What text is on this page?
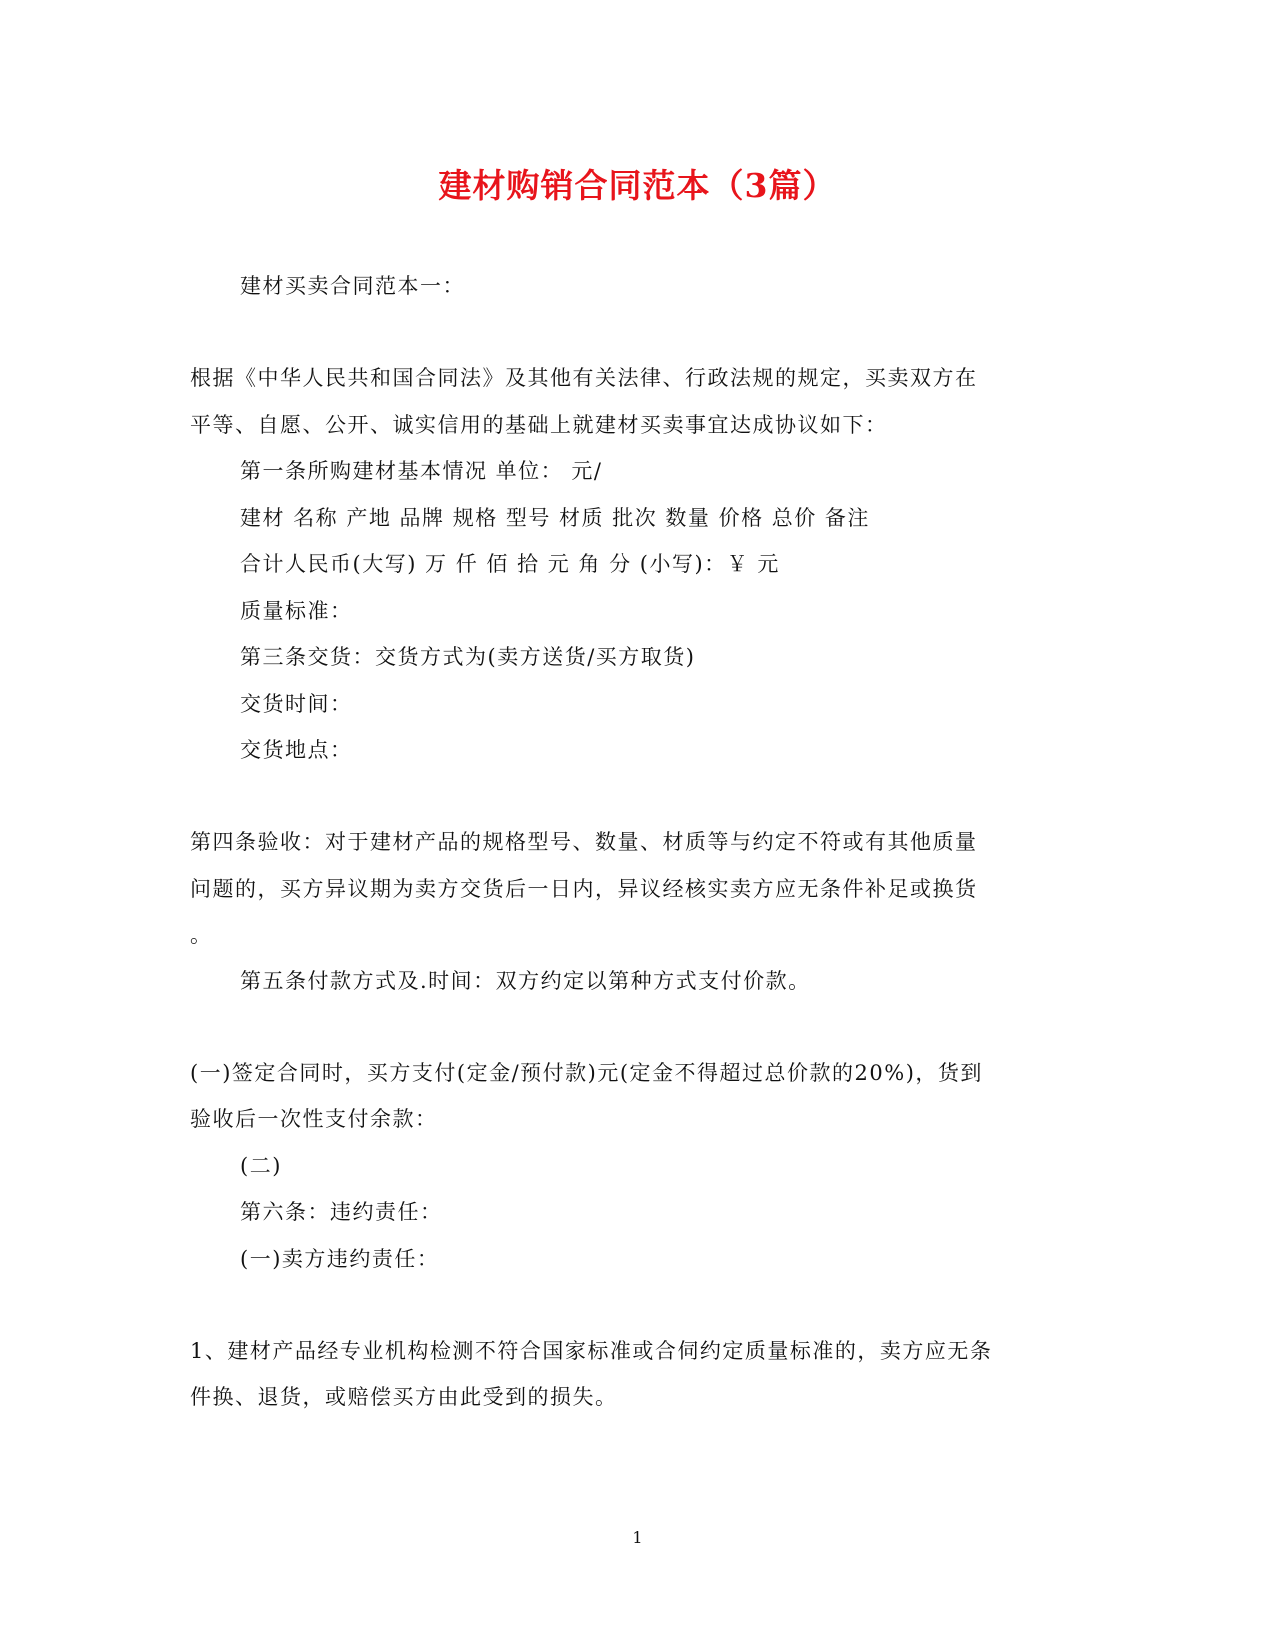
建材购销合同范本（3篇）
建材买卖合同范本一：
根据《中华人民共和国合同法》及其他有关法律、行政法规的规定，买卖双方在
平等、自愿、公开、诚实信用的基础上就建材买卖事宜达成协议如下：
第一条所购建材基本情况 单位： 元/
建材 名称 产地 品牌 规格 型号 材质 批次 数量 价格 总价 备注
合计人民币(大写) 万 仟 佰 拾 元 角 分 (小写)：￥ 元
质量标准：
第三条交货：交货方式为(卖方送货/买方取货)
交货时间：
交货地点：
第四条验收：对于建材产品的规格型号、数量、材质等与约定不符或有其他质量
问题的，买方异议期为卖方交货后一日内，异议经核实卖方应无条件补足或换货
。
第五条付款方式及.时间：双方约定以第种方式支付价款。
(一)签定合同时，买方支付(定金/预付款)元(定金不得超过总价款的20%)，货到
验收后一次性支付余款：
(二)
第六条：违约责任：
(一)卖方违约责任：
1、建材产品经专业机构检测不符合国家标准或合伺约定质量标准的，卖方应无条
件换、退货，或赔偿买方由此受到的损失。
1
